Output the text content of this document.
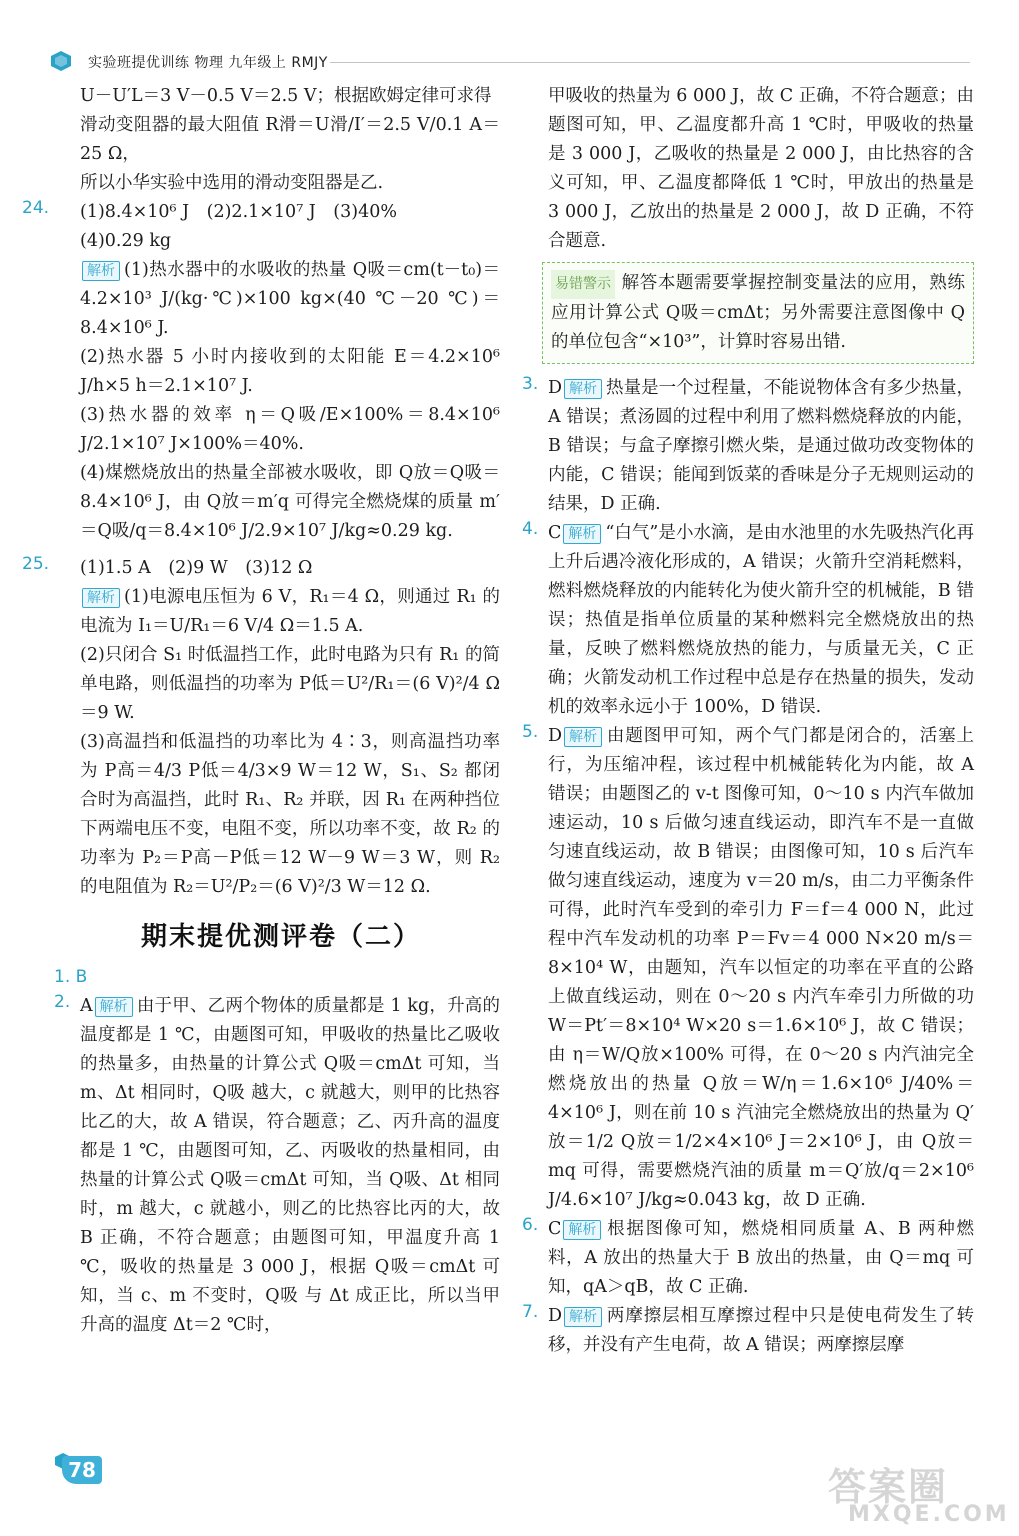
实验班提优训练 物理 九年级上 RMJY

U－U′L＝3 V－0.5 V＝2.5 V；根据欧姆定律可求得

滑动变阻器的最大阻值 R滑＝U滑/I′＝2.5 V/0.1 A＝25 Ω，

所以小华实验中选用的滑动变阻器是乙.

24. (1)8.4×10⁶ J　(2)2.1×10⁷ J　(3)40%

(4)0.29 kg

解析 (1)热水器中的水吸收的热量 Q吸＝cm(t－t₀)＝4.2×10³ J/(kg·℃)×100 kg×(40 ℃－20 ℃)＝8.4×10⁶ J.

(2)热水器 5 小时内接收到的太阳能 E＝4.2×10⁶ J/h×5 h＝2.1×10⁷ J.

(3)热水器的效率 η＝Q吸/E×100%＝8.4×10⁶ J/2.1×10⁷ J×100%＝40%.

(4)煤燃烧放出的热量全部被水吸收，即 Q放＝Q吸＝8.4×10⁶ J，由 Q放＝m′q 可得完全燃烧煤的质量 m′＝Q吸/q＝8.4×10⁶ J/2.9×10⁷ J/kg≈0.29 kg.

25. (1)1.5 A　(2)9 W　(3)12 Ω

解析 (1)电源电压恒为 6 V，R₁＝4 Ω，则通过 R₁ 的电流为 I₁＝U/R₁＝6 V/4 Ω＝1.5 A.

(2)只闭合 S₁ 时低温挡工作，此时电路为只有 R₁ 的简单电路，则低温挡的功率为 P低＝U²/R₁＝(6 V)²/4 Ω＝9 W.

(3)高温挡和低温挡的功率比为 4∶3，则高温挡功率为 P高＝4/3 P低＝4/3×9 W＝12 W，S₁、S₂ 都闭合时为高温挡，此时 R₁、R₂ 并联，因 R₁ 在两种挡位下两端电压不变，电阻不变，所以功率不变，故 R₂ 的功率为 P₂＝P高－P低＝12 W－9 W＝3 W，则 R₂ 的电阻值为 R₂＝U²/P₂＝(6 V)²/3 W＝12 Ω.

期末提优测评卷（二）

1. B

2. A 解析 由于甲、乙两个物体的质量都是 1 kg，升高的温度都是 1 ℃，由题图可知，甲吸收的热量比乙吸收的热量多，由热量的计算公式 Q吸＝cmΔt 可知，当 m、Δt 相同时，Q吸 越大，c 就越大，则甲的比热容比乙的大，故 A 错误，符合题意；乙、丙升高的温度都是 1 ℃，由题图可知，乙、丙吸收的热量相同，由热量的计算公式 Q吸＝cmΔt 可知，当 Q吸、Δt 相同时，m 越大，c 就越小，则乙的比热容比丙的大，故 B 正确，不符合题意；由题图可知，甲温度升高 1 ℃，吸收的热量是 3 000 J，根据 Q吸＝cmΔt 可知，当 c、m 不变时，Q吸 与 Δt 成正比，所以当甲升高的温度 Δt＝2 ℃时，

甲吸收的热量为 6 000 J，故 C 正确，不符合题意；由题图可知，甲、乙温度都升高 1 ℃时，甲吸收的热量是 3 000 J，乙吸收的热量是 2 000 J，由比热容的含义可知，甲、乙温度都降低 1 ℃时，甲放出的热量是 3 000 J，乙放出的热量是 2 000 J，故 D 正确，不符合题意.

易错警示 解答本题需要掌握控制变量法的应用，熟练应用计算公式 Q吸＝cmΔt；另外需要注意图像中 Q 的单位包含“×10³”，计算时容易出错.

3. D 解析 热量是一个过程量，不能说物体含有多少热量，A 错误；煮汤圆的过程中利用了燃料燃烧释放的内能，B 错误；与盒子摩擦引燃火柴，是通过做功改变物体的内能，C 错误；能闻到饭菜的香味是分子无规则运动的结果，D 正确.

4. C 解析 “白气”是小水滴，是由水池里的水先吸热汽化再上升后遇冷液化形成的，A 错误；火箭升空消耗燃料，燃料燃烧释放的内能转化为使火箭升空的机械能，B 错误；热值是指单位质量的某种燃料完全燃烧放出的热量，反映了燃料燃烧放热的能力，与质量无关，C 正确；火箭发动机工作过程中总是存在热量的损失，发动机的效率永远小于 100%，D 错误.

5. D 解析 由题图甲可知，两个气门都是闭合的，活塞上行，为压缩冲程，该过程中机械能转化为内能，故 A 错误；由题图乙的 v-t 图像可知，0～10 s 内汽车做加速运动，10 s 后做匀速直线运动，即汽车不是一直做匀速直线运动，故 B 错误；由图像可知，10 s 后汽车做匀速直线运动，速度为 v＝20 m/s，由二力平衡条件可得，此时汽车受到的牵引力 F＝f＝4 000 N，此过程中汽车发动机的功率 P＝Fv＝4 000 N×20 m/s＝8×10⁴ W，由题知，汽车以恒定的功率在平直的公路上做直线运动，则在 0～20 s 内汽车牵引力所做的功 W＝Pt′＝8×10⁴ W×20 s＝1.6×10⁶ J，故 C 错误；由 η＝W/Q放×100% 可得，在 0～20 s 内汽油完全燃烧放出的热量 Q放＝W/η＝1.6×10⁶ J/40%＝4×10⁶ J，则在前 10 s 汽油完全燃烧放出的热量为 Q′放＝1/2 Q放＝1/2×4×10⁶ J＝2×10⁶ J，由 Q放＝mq 可得，需要燃烧汽油的质量 m＝Q′放/q＝2×10⁶ J/4.6×10⁷ J/kg≈0.043 kg，故 D 正确.

6. C 解析 根据图像可知，燃烧相同质量 A、B 两种燃料，A 放出的热量大于 B 放出的热量，由 Q＝mq 可知，qA＞qB，故 C 正确.

7. D 解析 两摩擦层相互摩擦过程中只是使电荷发生了转移，并没有产生电荷，故 A 错误；两摩擦层摩

78	答案圈
MXQE.COM
